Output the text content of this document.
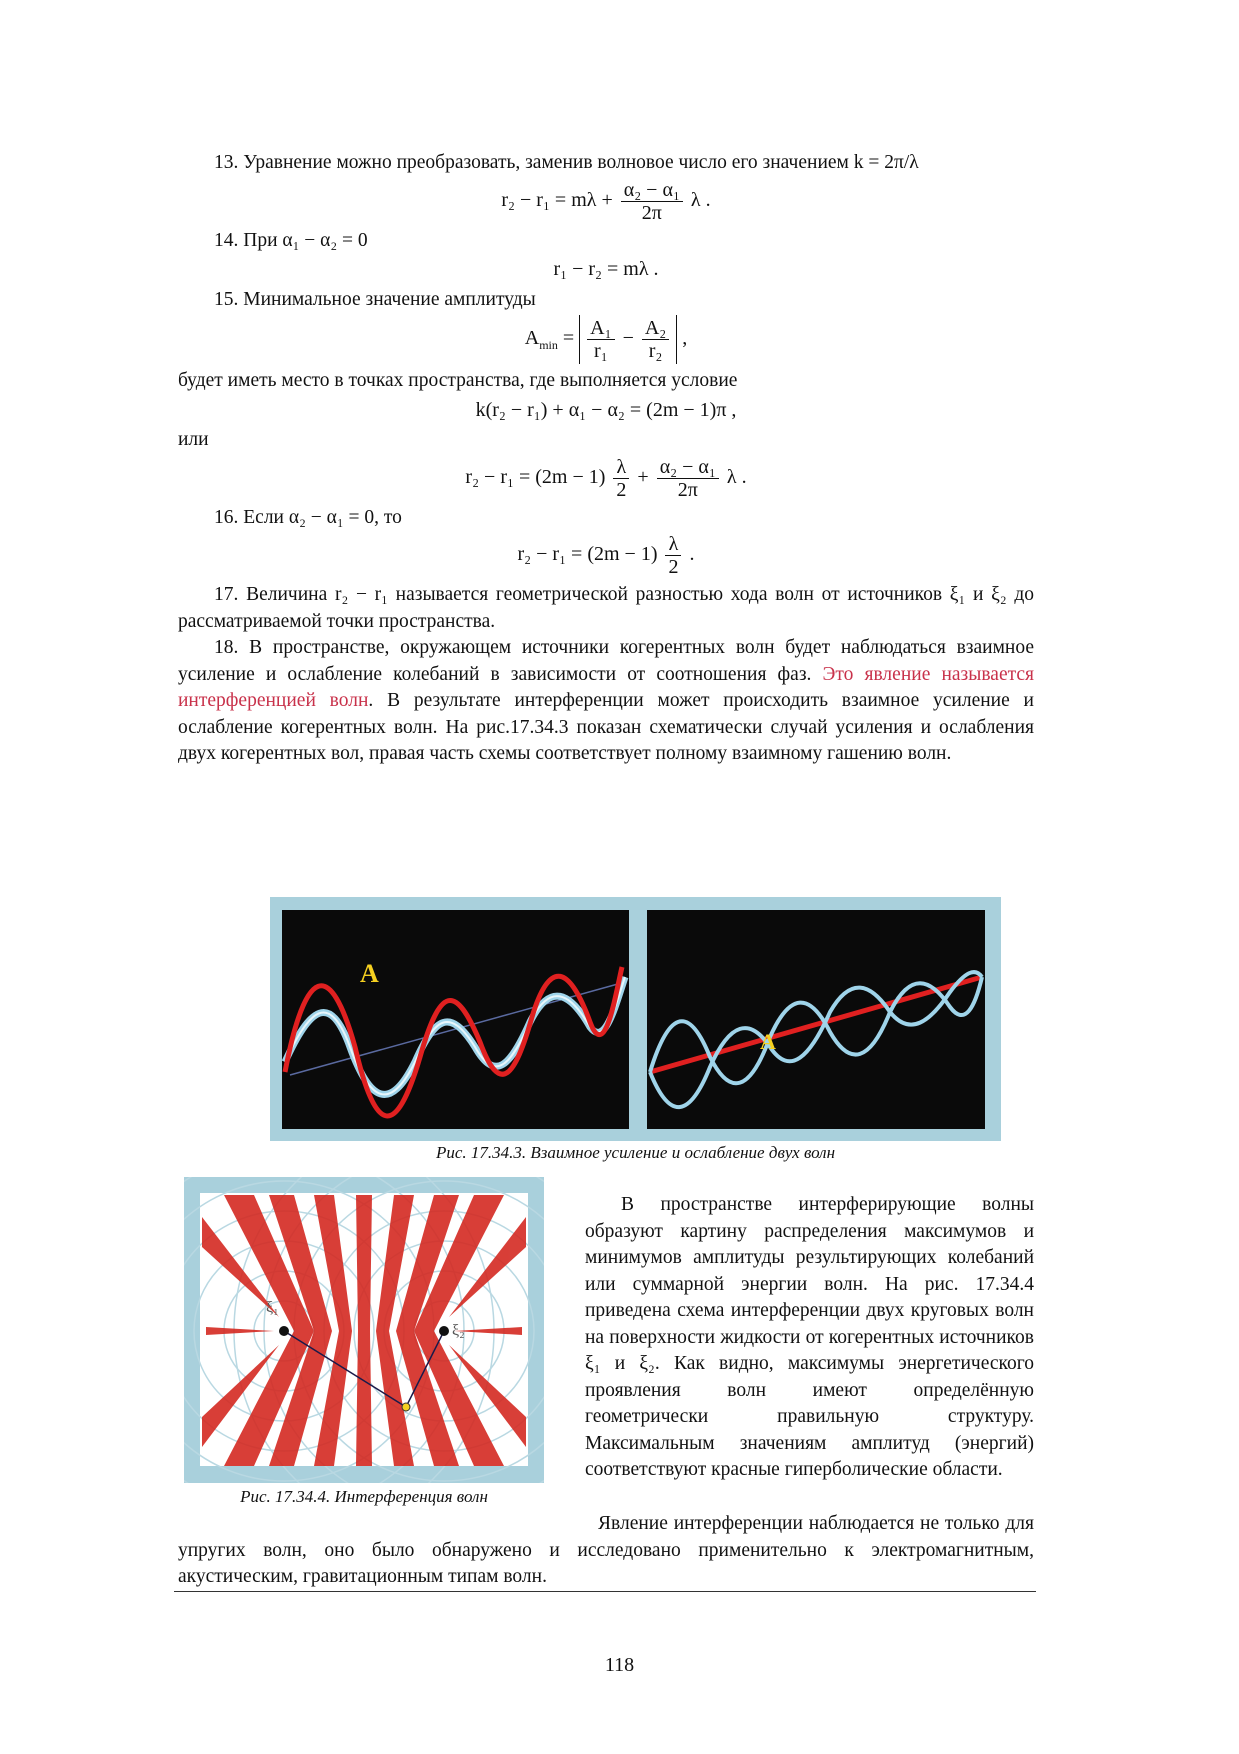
13. Уравнение можно преобразовать, заменив волновое число его значением k = 2π/λ

$r_2 - r_1 = m\lambda + \frac{\text{α₂ − α₁}}{2\pi}$ λ .

14. При α₁ − α₂ = 0

r₁ − r₂ = mλ .

15. Минимальное значение амплитуды

$A_{min} = \frac{\text{A₁}}{\text{r₁}} - \frac{\text{A₂}}{\text{r₂}}$ ,

будет иметь место в точках пространства, где выполняется условие

k(r₂ − r₁) + α₁ − α₂ = (2m − 1)π ,

или

$r_2 - r_1 = (2m - 1) \frac{\lambda}{2} + \frac{\text{α₂ − α₁}}{2\pi}$ λ .

16. Если α₂ − α₁ = 0, то

$r_2 - r_1 = (2m - 1) \frac{\lambda}{2}$ .

17. Величина r₂ − r₁ называется геометрической разностью хода волн от источников ξ₁ и ξ₂ до рассматриваемой точки пространства.

18. В пространстве, окружающем источники когерентных волн будет наблюдаться взаимное усиление и ослабление колебаний в зависимости от соотношения фаз. Это явление называется интерференцией волн. В результате интерференции может происходить взаимное усиление и ослабление когерентных волн. На рис.17.34.3 показан схематически случай усиления и ослабления двух когерентных вол, правая часть схемы соответствует полному взаимному гашению волн.

A
A
Рис. 17.34.3. Взаимное усиление и ослабление двух волн
ξ₁
ξ₂
Рис. 17.34.4. Интерференция волн

В пространстве интерферирующие волны образуют картину распределения максимумов и минимумов амплитуды результирующих колебаний или суммарной энергии волн. На рис. 17.34.4 приведена схема интерференции двух круговых волн на поверхности жидкости от когерентных источников ξ₁ и ξ₂. Как видно, максимумы энергетического проявления волн имеют определённую геометрически правильную структуру. Максимальным значениям амплитуд (энергий) соответствуют красные гиперболические области.

Явление интерференции наблюдается не только для упругих волн, оно было обнаружено и исследовано применительно к электромагнитным, акустическим, гравитационным типам волн.

118
